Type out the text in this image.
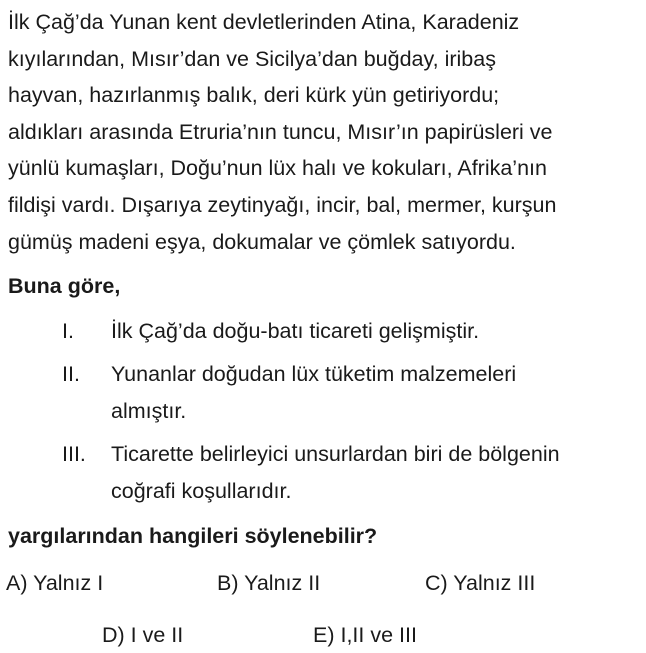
İlk Çağ’da Yunan kent devletlerinden Atina, Karadeniz
kıyılarından, Mısır’dan ve Sicilya’dan buğday, iribaş
hayvan, hazırlanmış balık, deri kürk yün getiriyordu;
aldıkları arasında Etruria’nın tuncu, Mısır’ın papirüsleri ve
yünlü kumaşları, Doğu’nun lüx halı ve kokuları, Afrika’nın
fildişi vardı. Dışarıya zeytinyağı, incir, bal, mermer, kurşun
gümüş madeni eşya, dokumalar ve çömlek satıyordu.
Buna göre,
I. İlk Çağ’da doğu-batı ticareti gelişmiştir.
II. Yunanlar doğudan lüx tüketim malzemeleri
almıştır.
III. Ticarette belirleyici unsurlardan biri de bölgenin
coğrafi koşullarıdır.
yargılarından hangileri söylenebilir?
A) Yalnız I	B) Yalnız II	C) Yalnız III
D) I ve II	E) I,II ve III
